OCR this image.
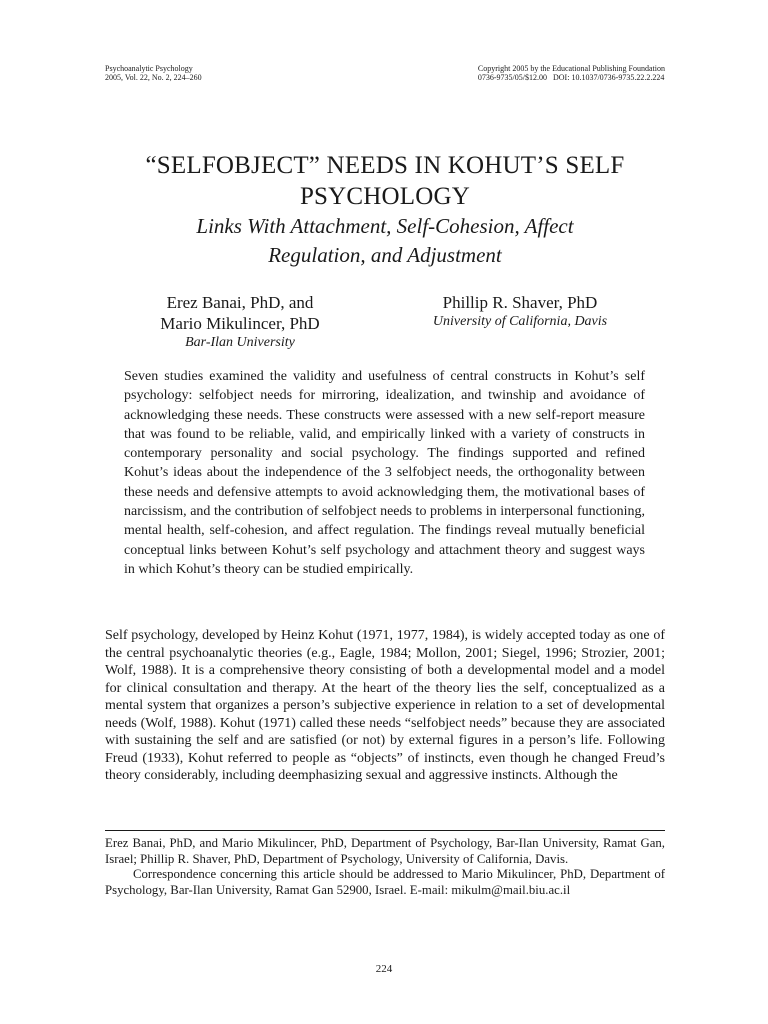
Psychoanalytic Psychology
2005, Vol. 22, No. 2, 224–260
Copyright 2005 by the Educational Publishing Foundation
0736-9735/05/$12.00   DOI: 10.1037/0736-9735.22.2.224
“SELFOBJECT” NEEDS IN KOHUT’S SELF
PSYCHOLOGY
Links With Attachment, Self-Cohesion, Affect
Regulation, and Adjustment
Erez Banai, PhD, and
Mario Mikulincer, PhD
Bar-Ilan University
Phillip R. Shaver, PhD
University of California, Davis

Seven studies examined the validity and usefulness of central constructs in Kohut’s self psychology: selfobject needs for mirroring, idealization, and twinship and avoidance of acknowledging these needs. These constructs were assessed with a new self-report measure that was found to be reliable, valid, and empirically linked with a variety of constructs in contemporary personality and social psychology. The findings supported and refined Kohut’s ideas about the independence of the 3 selfobject needs, the orthogonality between these needs and defensive attempts to avoid acknowledging them, the motivational bases of narcissism, and the contribution of selfobject needs to problems in interpersonal functioning, mental health, self-cohesion, and affect regulation. The findings reveal mutually beneficial conceptual links between Kohut’s self psychology and attachment theory and suggest ways in which Kohut’s theory can be studied empirically.

Self psychology, developed by Heinz Kohut (1971, 1977, 1984), is widely accepted today as one of the central psychoanalytic theories (e.g., Eagle, 1984; Mollon, 2001; Siegel, 1996; Strozier, 2001; Wolf, 1988). It is a comprehensive theory consisting of both a developmental model and a model for clinical consultation and therapy. At the heart of the theory lies the self, conceptualized as a mental system that organizes a person’s subjective experience in relation to a set of developmental needs (Wolf, 1988). Kohut (1971) called these needs “selfobject needs” because they are associated with sustaining the self and are satisfied (or not) by external figures in a person’s life. Following Freud (1933), Kohut referred to people as “objects” of instincts, even though he changed Freud’s theory considerably, including deemphasizing sexual and aggressive instincts. Although the

Erez Banai, PhD, and Mario Mikulincer, PhD, Department of Psychology, Bar-Ilan University, Ramat Gan, Israel; Phillip R. Shaver, PhD, Department of Psychology, University of California, Davis.

Correspondence concerning this article should be addressed to Mario Mikulincer, PhD, Department of Psychology, Bar-Ilan University, Ramat Gan 52900, Israel. E-mail: mikulm@mail.biu.ac.il

224
